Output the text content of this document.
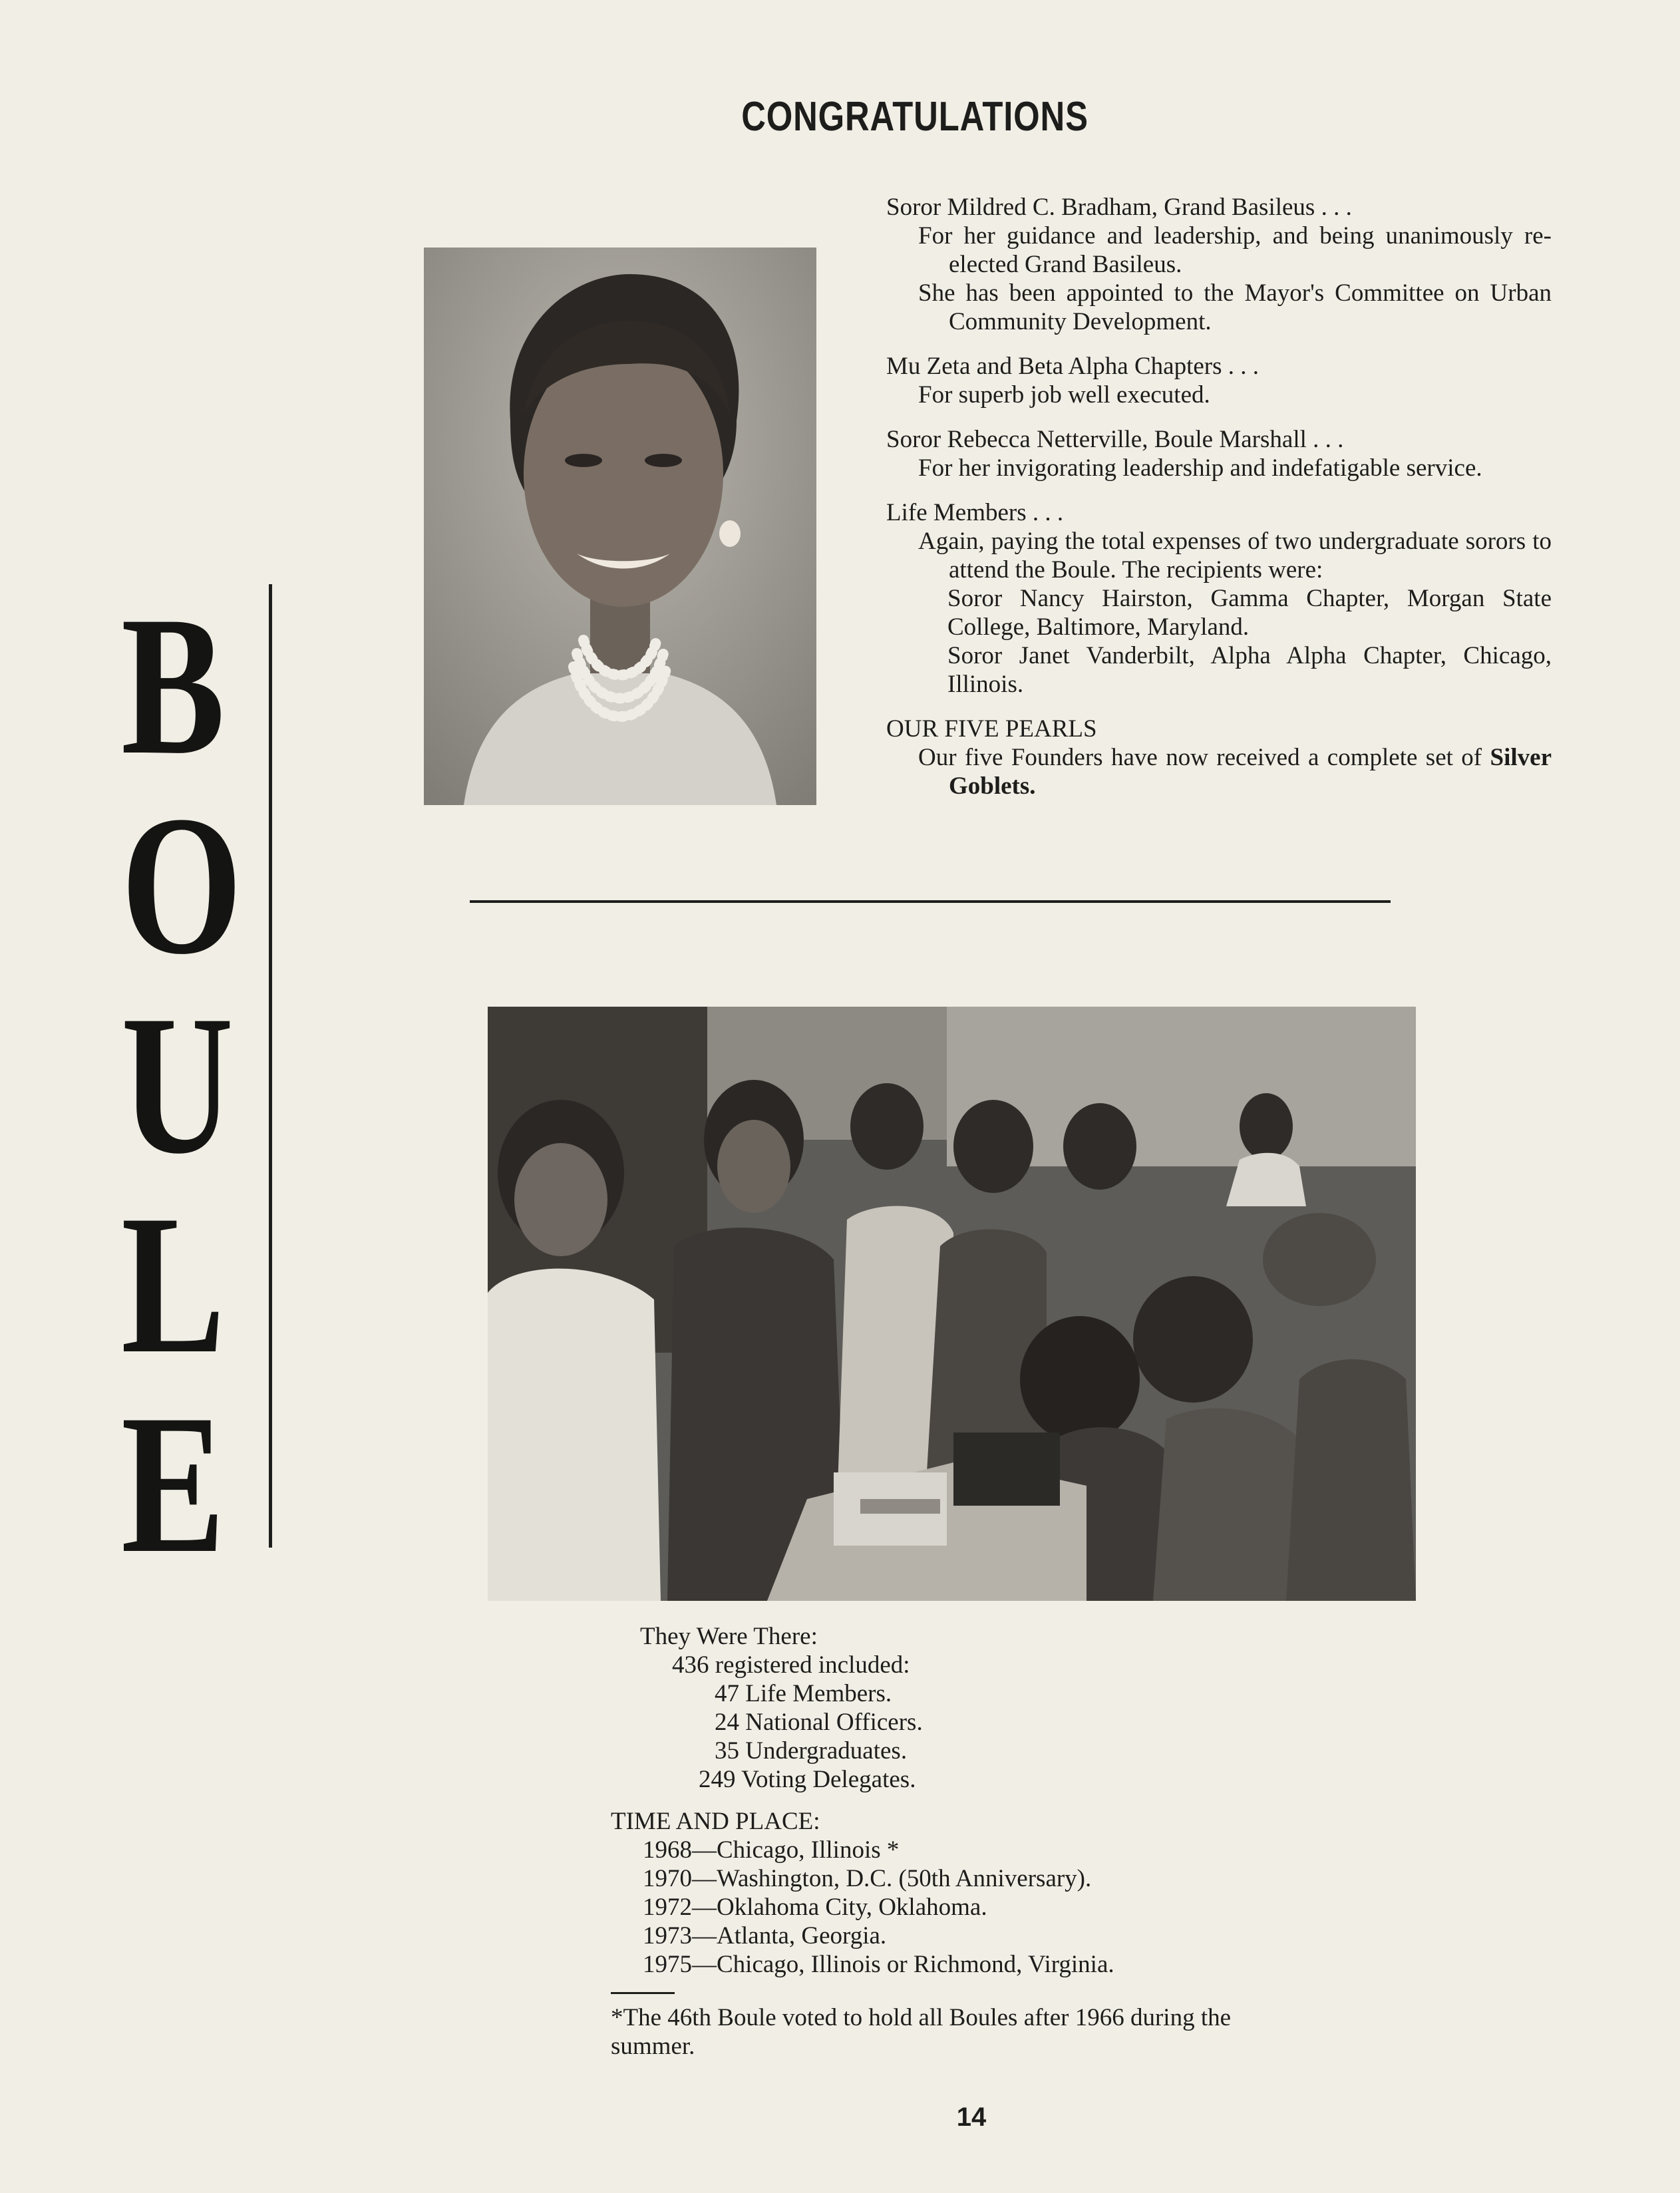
CONGRATULATIONS
B
O
U
L
E

Soror Mildred C. Bradham, Grand Basileus . . .

For her guidance and leadership, and being unanimously re-elected Grand Basileus.

She has been appointed to the Mayor's Committee on Urban Community Development.

Mu Zeta and Beta Alpha Chapters . . .

For superb job well executed.

Soror Rebecca Netterville, Boule Marshall . . .

For her invigorating leadership and indefatigable service.

Life Members . . .

Again, paying the total expenses of two undergraduate sorors to attend the Boule. The recipients were:

Soror Nancy Hairston, Gamma Chapter, Morgan State College, Baltimore, Maryland.

Soror Janet Vanderbilt, Alpha Alpha Chapter, Chicago, Illinois.

OUR FIVE PEARLS

Our five Founders have now received a complete set of Silver Goblets.

They Were There:

436 registered included:

47 Life Members.

24 National Officers.

35 Undergraduates.

249 Voting Delegates.

TIME AND PLACE:

1968—Chicago, Illinois *

1970—Washington, D.C. (50th Anniversary).

1972—Oklahoma City, Oklahoma.

1973—Atlanta, Georgia.

1975—Chicago, Illinois or Richmond, Virginia.

*The 46th Boule voted to hold all Boules after 1966 during the summer.

14
